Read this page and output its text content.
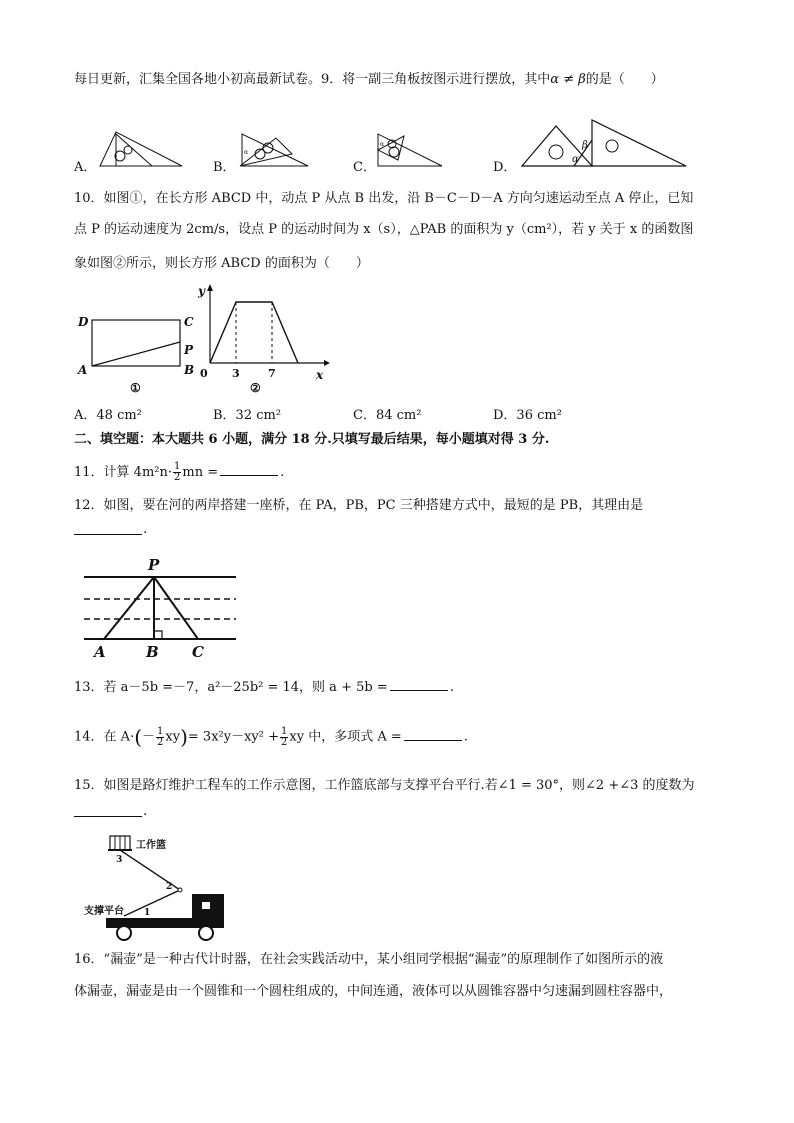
每日更新，汇集全国各地小初高最新试卷。9．将一副三角板按图示进行摆放，其中α ≠ β的是（　　）
A．	B．	C．	D．
α
α
α
β
10．如图①，在长方形 ABCD 中，动点 P 从点 B 出发，沿 B－C－D－A 方向匀速运动至点 A 停止，已知
点 P 的运动速度为 2cm/s，设点 P 的运动时间为 x（s），△PAB 的面积为 y（cm²），若 y 关于 x 的函数图
象如图②所示，则长方形 ABCD 的面积为（　　）
D	C
P
A	B
①
y
x
0 3	7
②
A．48 cm²	B．32 cm²	C．84 cm²	D．36 cm²
二、填空题：本大题共 6 小题，满分 18 分.只填写最后结果，每小题填对得 3 分.
11．计算 $4m^2n\cdot \frac{1}{2}$ mn =	.
12．如图，要在河的两岸搭建一座桥，在 PA，PB，PC 三种搭建方式中，最短的是 PB，其理由是
.
P
A	B C
13．若 a－5b =－7，a²－25b² = 14，则 a + 5b =	.
14．在 $A\cdot(- \frac{1}{2} xy)= 3x^2y-xy^2 + \frac{1}{2}$ xy 中，多项式 A =	.
15．如图是路灯维护工程车的工作示意图，工作篮底部与支撑平台平行.若∠1 = 30°，则∠2 +∠3 的度数为
.
工作篮
3
2
1
支撑平台
16．“漏壶”是一种古代计时器，在社会实践活动中，某小组同学根据“漏壶”的原理制作了如图所示的液
体漏壶，漏壶是由一个圆锥和一个圆柱组成的，中间连通，液体可以从圆锥容器中匀速漏到圆柱容器中，
